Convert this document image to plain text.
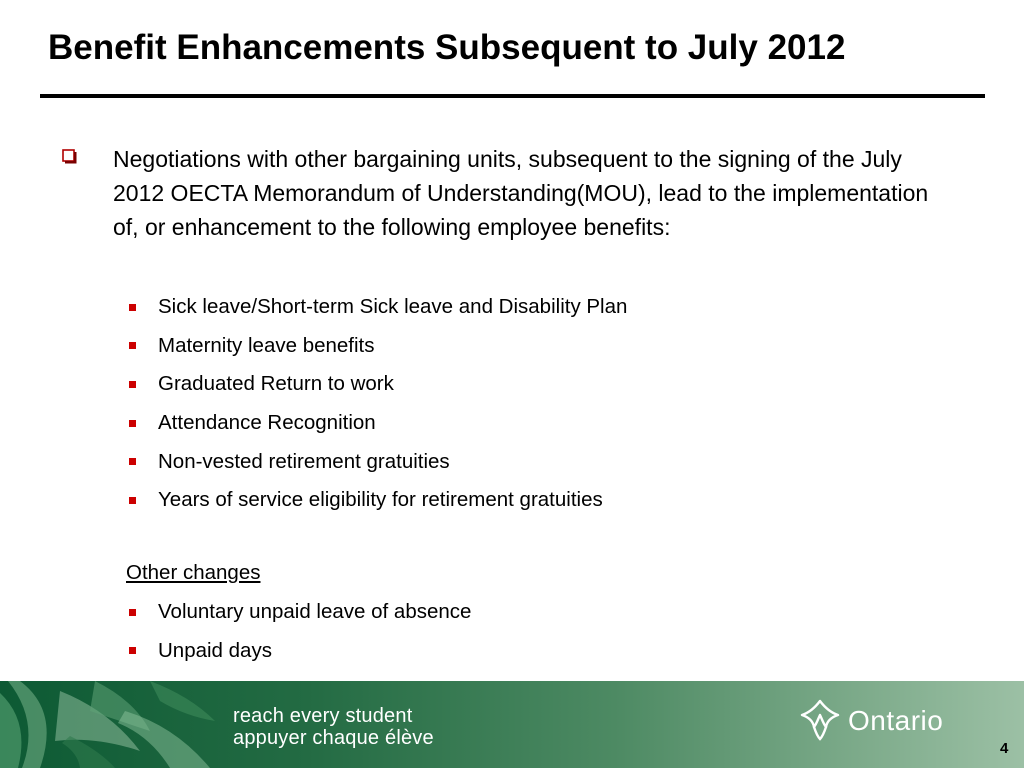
Benefit Enhancements Subsequent to July 2012
Negotiations with other bargaining units, subsequent to the signing of the July 2012 OECTA Memorandum of Understanding(MOU), lead to the implementation of, or enhancement to the following employee benefits:
Sick leave/Short-term Sick leave and Disability Plan
Maternity leave benefits
Graduated Return to work
Attendance Recognition
Non-vested retirement gratuities
Years of service eligibility for retirement gratuities
Other changes
Voluntary unpaid leave of absence
Unpaid days
reach every student
appuyer chaque élève
Ontario
4
